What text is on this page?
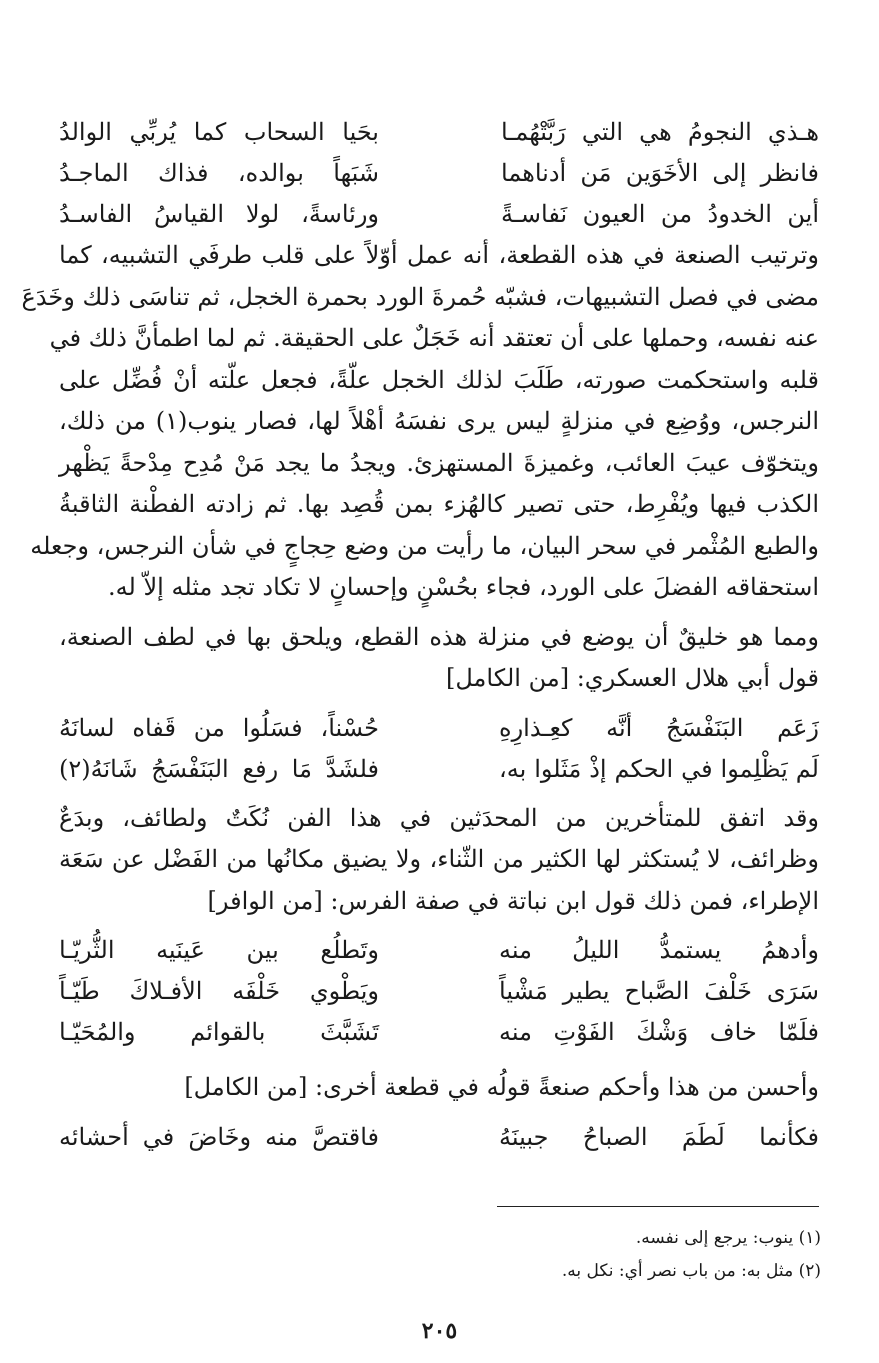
هـذي النجومُ هي التي رَبَّتْهُمـا
بحَيا السحاب كما يُربِّي الوالدُ
فانظر إلى الأخَوَين مَن أدناهما
شَبَهاً بوالده، فذاك الماجـدُ
أين الخدودُ من العيون نَفاسـةً
ورئاسةً، لولا القياسُ الفاسـدُ
وترتيب الصنعة في هذه القطعة، أنه عمل أوّلاً على قلب طرفَي التشبيه، كما
مضى في فصل التشبيهات، فشبّه حُمرةَ الورد بحمرة الخجل، ثم تناسَى ذلك وخَدَعَ
عنه نفسه، وحملها على أن تعتقد أنه خَجَلٌ على الحقيقة. ثم لما اطمأنَّ ذلك في
قلبه واستحكمت صورته، طَلَبَ لذلك الخجل علّةً، فجعل علّته أنْ فُضِّل على
النرجس، ووُضِع في منزلةٍ ليس يرى نفسَهُ أهْلاً لها، فصار ينوب(١) من ذلك،
ويتخوّف عيبَ العائب، وغميزةَ المستهزئ. ويجدُ ما يجد مَنْ مُدِح مِدْحةً يَظْهر
الكذب فيها ويُفْرِط، حتى تصير كالهُزء بمن قُصِد بها. ثم زادته الفطْنة الثاقبةُ
والطبع المُثْمر في سحر البيان، ما رأيت من وضع حِجاجٍ في شأن النرجس، وجعله
استحقاقه الفضلَ على الورد، فجاء بحُسْنٍ وإحسانٍ لا تكاد تجد مثله إلاّ له.
ومما هو خليقٌ أن يوضع في منزلة هذه القطع، ويلحق بها في لطف الصنعة،
قول أبي هلال العسكري: [من الكامل]
زَعَم البَنَفْسَجُ أنَّه كعِـذارِهِ
حُسْناً، فسَلُوا من قَفاه لسانَهُ
لَم يَظْلِموا في الحكم إذْ مَثَلوا به،
فلشَدَّ مَا رفع البَنَفْسَجُ شَانَهُ(٢)
وقد اتفق للمتأخرين من المحدَثين في هذا الفن نُكَتٌ ولطائف، وبدَعٌ
وظرائف، لا يُستكثر لها الكثير من الثّناء، ولا يضيق مكانُها من الفَضْل عن سَعَة
الإطراء، فمن ذلك قول ابن نباتة في صفة الفرس: [من الوافر]
وأدهمُ يستمدُّ الليلُ منه
وتَطلُع بين عَينَيه الثُّريّـا
سَرَى خَلْفَ الصَّباح يطير مَشْياً
ويَطْوي خَلْفَه الأفـلاكَ طَيّـاً
فلَمّا خاف وَشْكَ الفَوْتِ منه
تَشَبَّثَ بالقوائم والمُحَيّـا
وأحسن من هذا وأحكم صنعةً قولُه في قطعة أخرى: [من الكامل]
فكأنما لَطَمَ الصباحُ جبينَهُ
فاقتصَّ منه وخَاضَ في أحشائه
(١) ينوب: يرجع إلى نفسه.
(٢) مثل به: من باب نصر أي: نكل به.
٢٠٥
